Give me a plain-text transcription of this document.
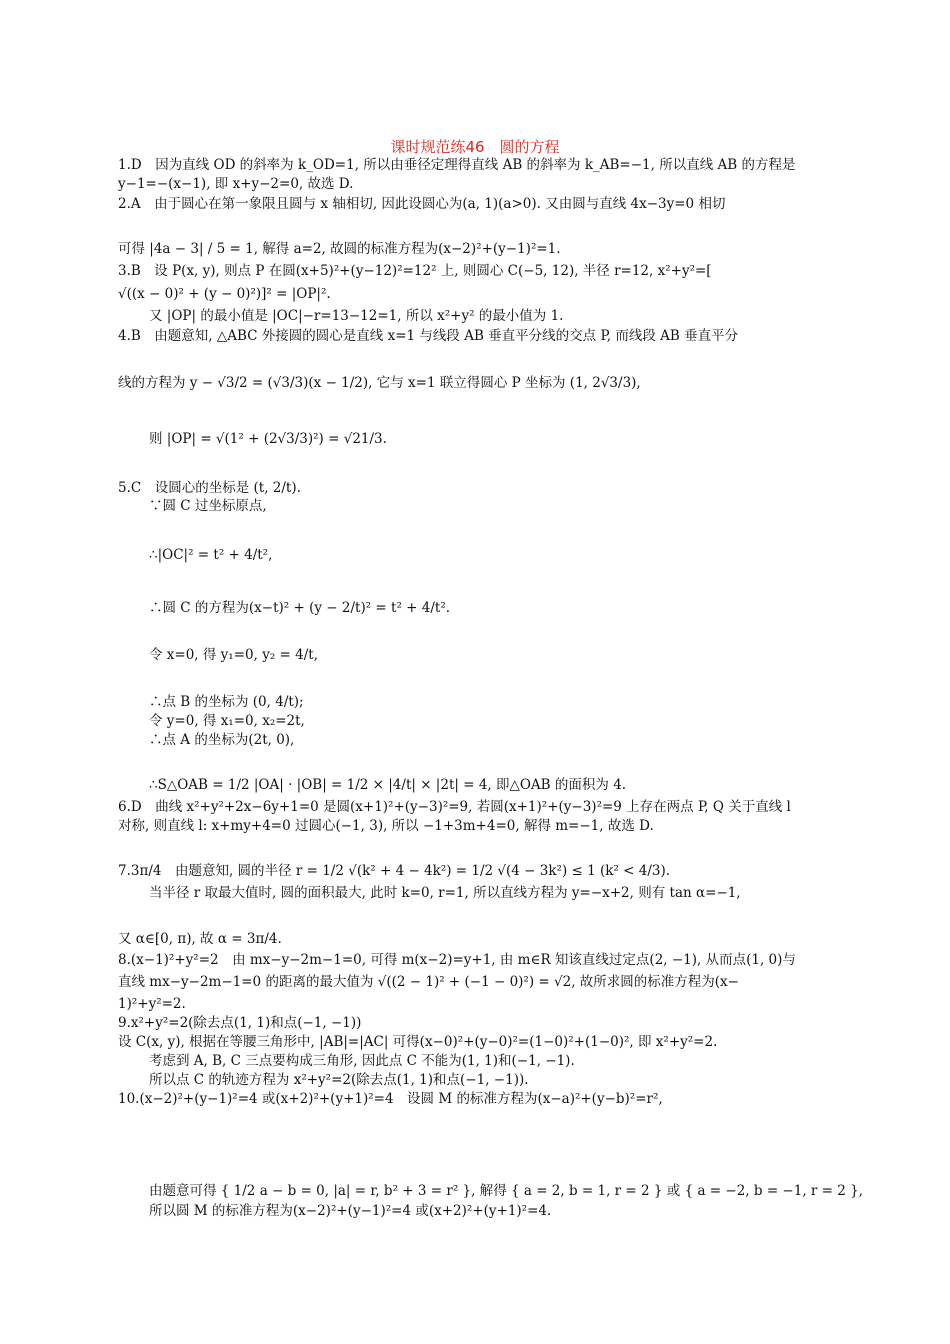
课时规范练46　圆的方程
1.D　因为直线 OD 的斜率为 k_OD=1, 所以由垂径定理得直线 AB 的斜率为 k_AB=−1, 所以直线 AB 的方程是
y−1=−(x−1), 即 x+y−2=0, 故选 D.
2.A　由于圆心在第一象限且圆与 x 轴相切, 因此设圆心为(a, 1)(a>0). 又由圆与直线 4x−3y=0 相切
可得 |4a − 3| / 5 = 1, 解得 a=2, 故圆的标准方程为(x−2)²+(y−1)²=1.
3.B　设 P(x, y), 则点 P 在圆(x+5)²+(y−12)²=12² 上, 则圆心 C(−5, 12), 半径 r=12, x²+y²=[
√((x − 0)² + (y − 0)²)]² = |OP|².
又 |OP| 的最小值是 |OC|−r=13−12=1, 所以 x²+y² 的最小值为 1.
4.B　由题意知, △ABC 外接圆的圆心是直线 x=1 与线段 AB 垂直平分线的交点 P, 而线段 AB 垂直平分
线的方程为 y − √3/2 = (√3/3)(x − 1/2), 它与 x=1 联立得圆心 P 坐标为 (1, 2√3/3),
则 |OP| = √(1² + (2√3/3)²) = √21/3.
5.C　设圆心的坐标是 (t, 2/t).
∵圆 C 过坐标原点,
∴|OC|² = t² + 4/t²,
∴圆 C 的方程为(x−t)² + (y − 2/t)² = t² + 4/t².
令 x=0, 得 y₁=0, y₂ = 4/t,
∴点 B 的坐标为 (0, 4/t);
令 y=0, 得 x₁=0, x₂=2t,
∴点 A 的坐标为(2t, 0),
∴S△OAB = 1/2 |OA| · |OB| = 1/2 × |4/t| × |2t| = 4, 即△OAB 的面积为 4.
6.D　曲线 x²+y²+2x−6y+1=0 是圆(x+1)²+(y−3)²=9, 若圆(x+1)²+(y−3)²=9 上存在两点 P, Q 关于直线 l
对称, 则直线 l: x+my+4=0 过圆心(−1, 3), 所以 −1+3m+4=0, 解得 m=−1, 故选 D.
7.3π/4　由题意知, 圆的半径 r = 1/2 √(k² + 4 − 4k²) = 1/2 √(4 − 3k²) ≤ 1 (k² < 4/3).
当半径 r 取最大值时, 圆的面积最大, 此时 k=0, r=1, 所以直线方程为 y=−x+2, 则有 tan α=−1,
又 α∈[0, π), 故 α = 3π/4.
8.(x−1)²+y²=2　由 mx−y−2m−1=0, 可得 m(x−2)=y+1, 由 m∈R 知该直线过定点(2, −1), 从而点(1, 0)与
直线 mx−y−2m−1=0 的距离的最大值为 √((2 − 1)² + (−1 − 0)²) = √2, 故所求圆的标准方程为(x−
1)²+y²=2.
9.x²+y²=2(除去点(1, 1)和点(−1, −1))
设 C(x, y), 根据在等腰三角形中, |AB|=|AC| 可得(x−0)²+(y−0)²=(1−0)²+(1−0)², 即 x²+y²=2.
考虑到 A, B, C 三点要构成三角形, 因此点 C 不能为(1, 1)和(−1, −1).
所以点 C 的轨迹方程为 x²+y²=2(除去点(1, 1)和点(−1, −1)).
10.(x−2)²+(y−1)²=4 或(x+2)²+(y+1)²=4　设圆 M 的标准方程为(x−a)²+(y−b)²=r²,
由题意可得 { 1/2 a − b = 0, |a| = r, b² + 3 = r² }, 解得 { a = 2, b = 1, r = 2 } 或 { a = −2, b = −1, r = 2 },
所以圆 M 的标准方程为(x−2)²+(y−1)²=4 或(x+2)²+(y+1)²=4.
